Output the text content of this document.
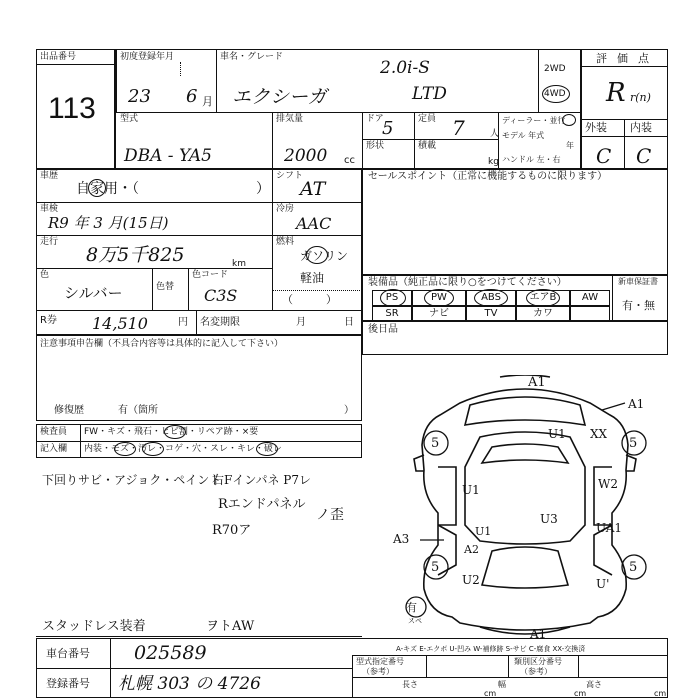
出品番号
113
初度登録年月
23 6 月
車名・グレード
2.0i-S
エクシーガ	LTD
2WD
4WD
評価点
R r(n)
外装 内装
C C
型式
DBA - YA5
排気量
2000 cc
ドア
5	定員 7	人
形状	積載
kg
ディーラー・並行
モデル 年式
年
ハンドル 左・右
車歴
自家用・（	）
シフト
AT
車検
R9 年 3 月(15日)
冷房
AAC
走行
8万5千825	km
燃料
ガソリン
軽油
（　　　）
色
シルバー	色替
色コード
C3S
R券 14,510	円 名変期限	月	日
注意事項申告欄（不具合内容等は具体的に記入して下さい）
修復歴	有（箇所	）
検査員 FW・キズ・飛石・ヒビ割・リペア跡・×要
記入欄 内装・モズ・汚レ・コゲ・穴・スレ・キレ・破レ
下回りサビ・アジョク・ペイント
右Fインパネ P7レ
Rエンドパネル
R70ア
ノ歪
スタッドレス装着	ヲトAW
セールスポイント（正常に機能するものに限ります）
装備品（純正品に限り○をつけてください）	新車保証書
有・無
PS	PW	ABS	エアB	AW
SR	ナビ	TV	カワ
後日品
A1
A1
U1 XX
5	5
5	5
U1	W2
U3
UA1
A3
U1
A2
U2	U'
A1
有
スペ
A-キズ E-エクボ U-凹み W-補修跡 S-サビ C-腐食 XX-交換済
車台番号 025589
登録番号 札幌 303 の 4726
型式指定番号
（参考）
類別区分番号
（参考）
長さ
cm
幅
cm
高さ
cm
